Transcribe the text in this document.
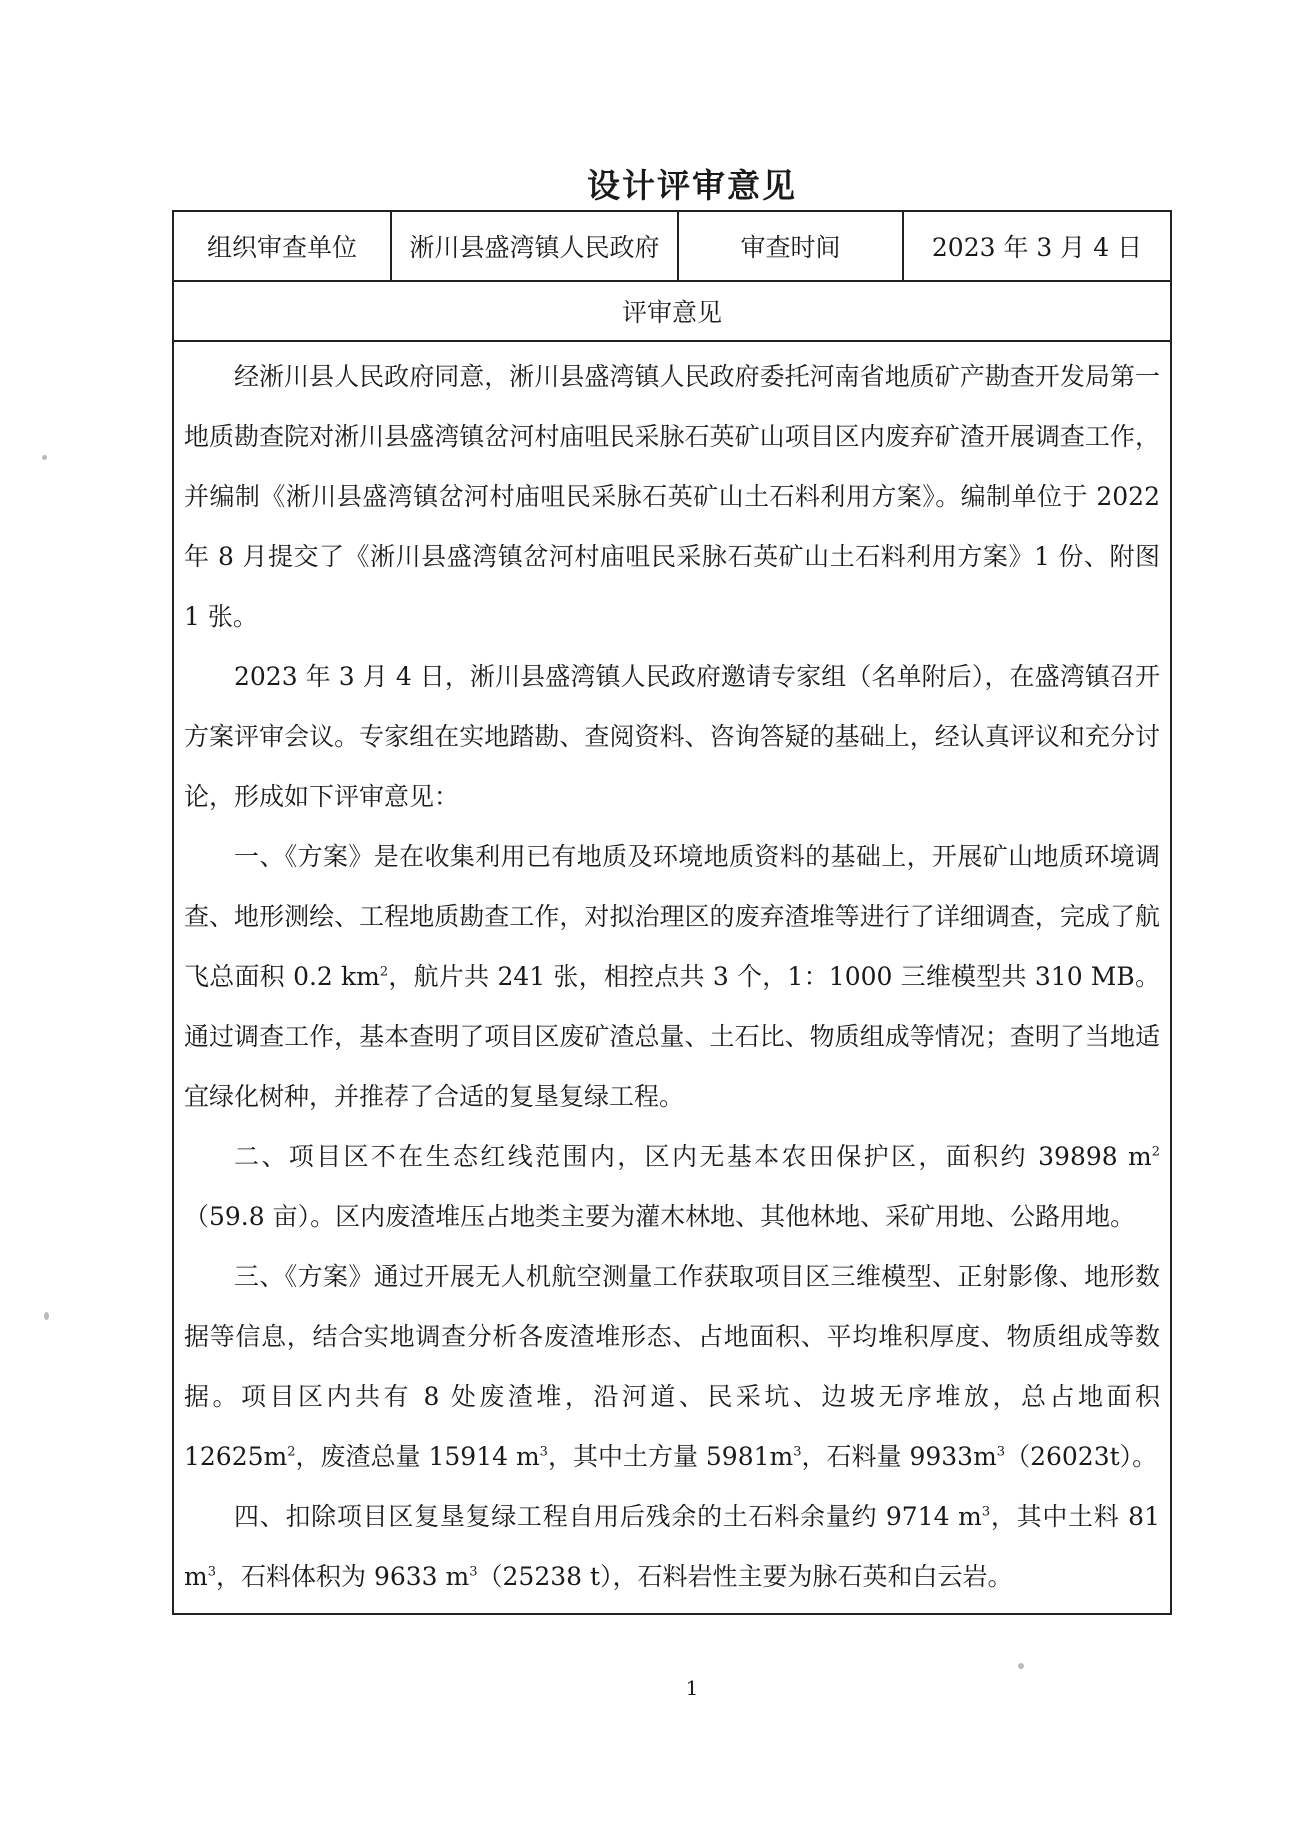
设计评审意见
组织审查单位	淅川县盛湾镇人民政府	审查时间	2023 年 3 月 4 日
评审意见

经淅川县人民政府同意，淅川县盛湾镇人民政府委托河南省地质矿产勘查开发局第一地质勘查院对淅川县盛湾镇岔河村庙咀民采脉石英矿山项目区内废弃矿渣开展调查工作，并编制《淅川县盛湾镇岔河村庙咀民采脉石英矿山土石料利用方案》。编制单位于 2022 年 8 月提交了《淅川县盛湾镇岔河村庙咀民采脉石英矿山土石料利用方案》1 份、附图 1 张。

2023 年 3 月 4 日，淅川县盛湾镇人民政府邀请专家组（名单附后），在盛湾镇召开方案评审会议。专家组在实地踏勘、查阅资料、咨询答疑的基础上，经认真评议和充分讨论，形成如下评审意见：

一、《方案》是在收集利用已有地质及环境地质资料的基础上，开展矿山地质环境调查、地形测绘、工程地质勘查工作，对拟治理区的废弃渣堆等进行了详细调查，完成了航飞总面积 0.2 $km^2$，航片共 241 张，相控点共 3 个，1：1000 三维模型共 310 MB。通过调查工作，基本查明了项目区废矿渣总量、土石比、物质组成等情况；查明了当地适宜绿化树种，并推荐了合适的复垦复绿工程。

二、项目区不在生态红线范围内，区内无基本农田保护区，面积约 39898 $m^2(59.8$ 亩）。区内废渣堆压占地类主要为灌木林地、其他林地、采矿用地、公路用地。

三、《方案》通过开展无人机航空测量工作获取项目区三维模型、正射影像、地形数据等信息，结合实地调查分析各废渣堆形态、占地面积、平均堆积厚度、物质组成等数据。项目区内共有 8 处废渣堆，沿河道、民采坑、边坡无序堆放，总占地面积 $12625m^2$，废渣总量 15914 $m^3$，其中土方量 $5981m^3$，石料量 $9933m^3(26023t)$。

四、扣除项目区复垦复绿工程自用后残余的土石料余量约 9714 $m^3$，其中土料 81 $m^3$，石料体积为 9633 $m^3(25238$ t），石料岩性主要为脉石英和白云岩。

1
